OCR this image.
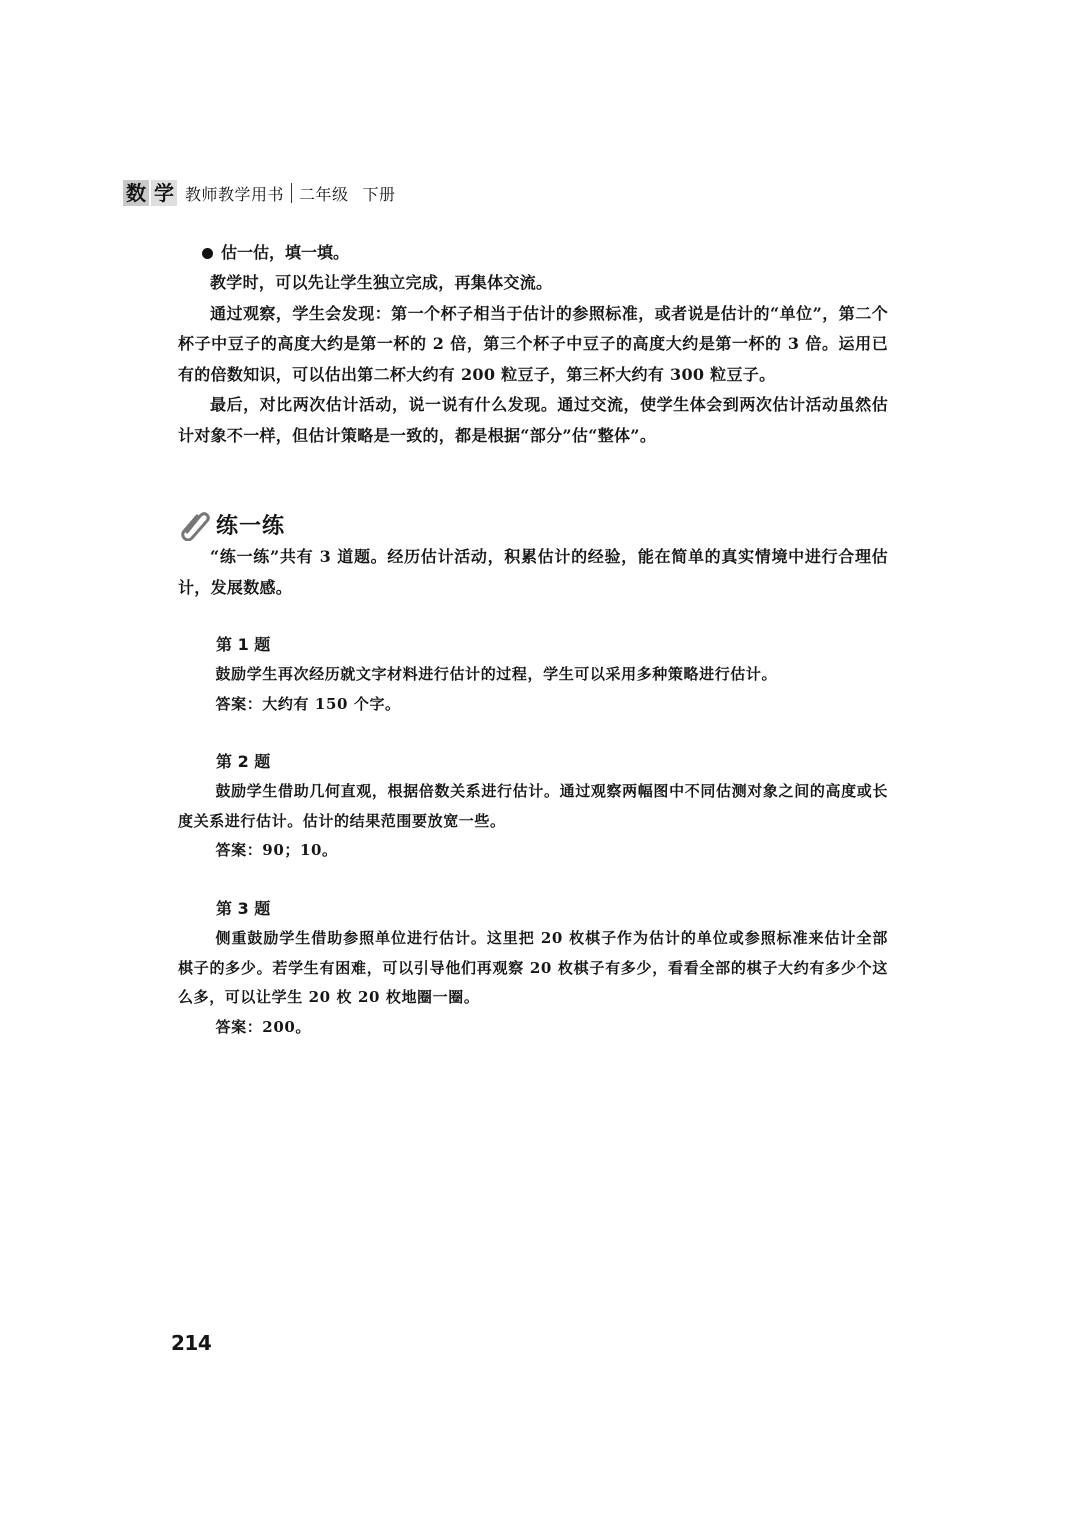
数 学 教师教学用书 二年级 下册
估一估，填一填。

教学时，可以先让学生独立完成，再集体交流。

通过观察，学生会发现：第一个杯子相当于估计的参照标准，或者说是估计的“单位”，第二个杯子中豆子的高度大约是第一杯的 2 倍，第三个杯子中豆子的高度大约是第一杯的 3 倍。运用已有的倍数知识，可以估出第二杯大约有 200 粒豆子，第三杯大约有 300 粒豆子。

最后，对比两次估计活动，说一说有什么发现。通过交流，使学生体会到两次估计活动虽然估计对象不一样，但估计策略是一致的，都是根据“部分”估“整体”。

练一练

“练一练”共有 3 道题。经历估计活动，积累估计的经验，能在简单的真实情境中进行合理估计，发展数感。

第 1 题

鼓励学生再次经历就文字材料进行估计的过程，学生可以采用多种策略进行估计。

答案：大约有 150 个字。

第 2 题

鼓励学生借助几何直观，根据倍数关系进行估计。通过观察两幅图中不同估测对象之间的高度或长度关系进行估计。估计的结果范围要放宽一些。

答案：90；10。

第 3 题

侧重鼓励学生借助参照单位进行估计。这里把 20 枚棋子作为估计的单位或参照标准来估计全部棋子的多少。若学生有困难，可以引导他们再观察 20 枚棋子有多少，看看全部的棋子大约有多少个这么多，可以让学生 20 枚 20 枚地圈一圈。

答案：200。

214
